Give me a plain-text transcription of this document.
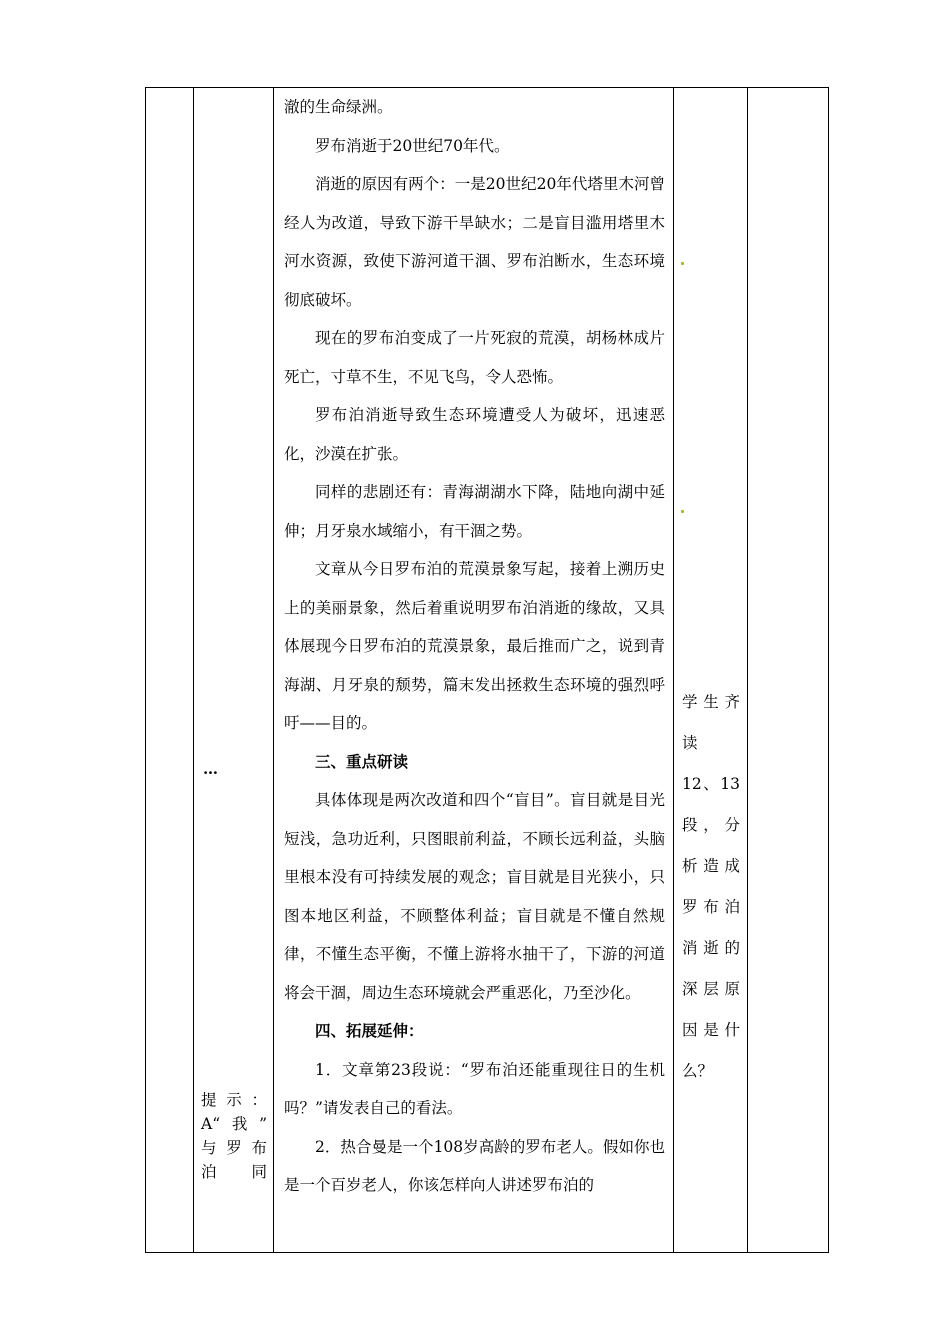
…
提示：
A“我”
与罗布
泊　同

澈的生命绿洲。

罗布消逝于20世纪70年代。

消逝的原因有两个：一是20世纪20年代塔里木河曾经人为改道，导致下游干旱缺水；二是盲目滥用塔里木河水资源，致使下游河道干涸、罗布泊断水，生态环境彻底破坏。

现在的罗布泊变成了一片死寂的荒漠，胡杨林成片死亡，寸草不生，不见飞鸟，令人恐怖。

罗布泊消逝导致生态环境遭受人为破坏，迅速恶化，沙漠在扩张。

同样的悲剧还有：青海湖湖水下降，陆地向湖中延伸；月牙泉水域缩小，有干涸之势。

文章从今日罗布泊的荒漠景象写起，接着上溯历史上的美丽景象，然后着重说明罗布泊消逝的缘故，又具体展现今日罗布泊的荒漠景象，最后推而广之，说到青海湖、月牙泉的颓势，篇末发出拯救生态环境的强烈呼吁——目的。

三、重点研读

具体体现是两次改道和四个“盲目”。盲目就是目光短浅，急功近利，只图眼前利益，不顾长远利益，头脑里根本没有可持续发展的观念；盲目就是目光狭小，只图本地区利益，不顾整体利益；盲目就是不懂自然规律，不懂生态平衡，不懂上游将水抽干了，下游的河道将会干涸，周边生态环境就会严重恶化，乃至沙化。

四、拓展延伸：

1．文章第23段说：“罗布泊还能重现往日的生机吗？”请发表自己的看法。

2．热合曼是一个108岁高龄的罗布老人。假如你也是一个百岁老人，你该怎样向人讲述罗布泊的

学生齐
读
12、13
段，分
析造成
罗布泊
消逝的
深层原
因是什
么？
